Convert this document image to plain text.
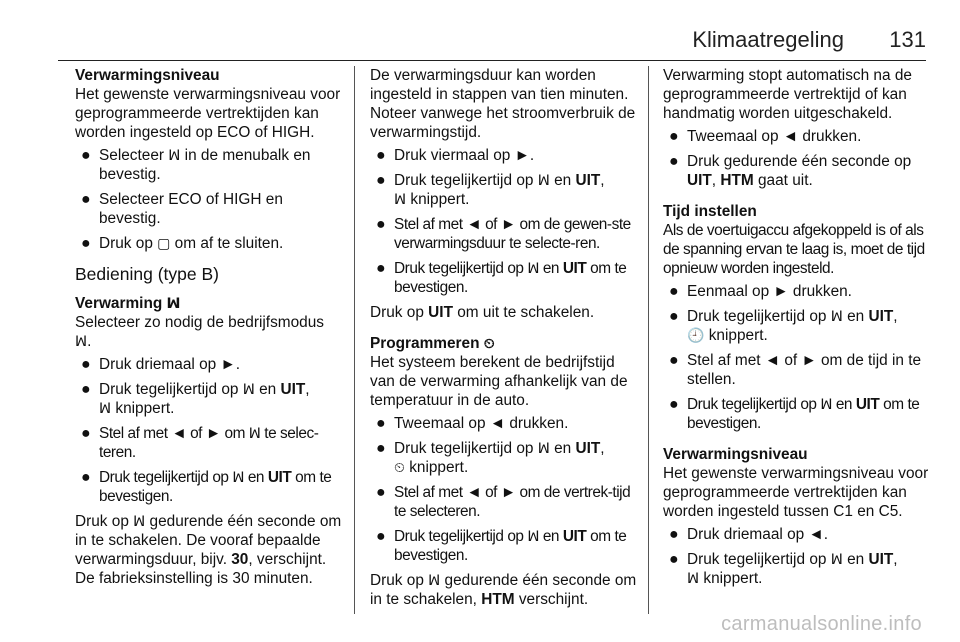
Klimaatregeling 131
Verwarmingsniveau

Het gewenste verwarmingsniveau voor geprogrammeerde vertrektijden kan worden ingesteld op ECO of HIGH.

● Selecteer ꟽ in de menubalk en bevestig.
● Selecteer ECO of HIGH en bevestig.
● Druk op ▢ om af te sluiten.
Bediening (type B)
Verwarming ꟽ

Selecteer zo nodig de bedrijfsmodus ꟽ.

● Druk driemaal op ►.
● Druk tegelijkertijd op ꟽ en UIT,
ꟽ knippert.
● Stel af met ◄ of ► om ꟽ te selec-teren.
● Druk tegelijkertijd op ꟽ en UIT om te bevestigen.

Druk op ꟽ gedurende één seconde om in te schakelen. De vooraf bepaalde verwarmingsduur, bijv. 30, verschijnt. De fabrieksinstelling is 30 minuten.

De verwarmingsduur kan worden ingesteld in stappen van tien minuten. Noteer vanwege het stroomverbruik de verwarmingstijd.

● Druk viermaal op ►.
● Druk tegelijkertijd op ꟽ en UIT,
ꟽ knippert.
● Stel af met ◄ of ► om de gewen-ste verwarmingsduur te selecte-ren.
● Druk tegelijkertijd op ꟽ en UIT om te bevestigen.

Druk op UIT om uit te schakelen.

Programmeren ⏲

Het systeem berekent de bedrijfstijd van de verwarming afhankelijk van de temperatuur in de auto.

● Tweemaal op ◄ drukken.
● Druk tegelijkertijd op ꟽ en UIT,
⏲ knippert.
● Stel af met ◄ of ► om de vertrek-tijd te selecteren.
● Druk tegelijkertijd op ꟽ en UIT om te bevestigen.

Druk op ꟽ gedurende één seconde om in te schakelen, HTM verschijnt.

Verwarming stopt automatisch na de geprogrammeerde vertrektijd of kan handmatig worden uitgeschakeld.

● Tweemaal op ◄ drukken.
● Druk gedurende één seconde op UIT, HTM gaat uit.
Tijd instellen

Als de voertuigaccu afgekoppeld is of als de spanning ervan te laag is, moet de tijd opnieuw worden ingesteld.

● Eenmaal op ► drukken.
● Druk tegelijkertijd op ꟽ en UIT,
🕘 knippert.
● Stel af met ◄ of ► om de tijd in te stellen.
● Druk tegelijkertijd op ꟽ en UIT om te bevestigen.
Verwarmingsniveau

Het gewenste verwarmingsniveau voor geprogrammeerde vertrektijden kan worden ingesteld tussen C1 en C5.

● Druk driemaal op ◄.
● Druk tegelijkertijd op ꟽ en UIT,
ꟽ knippert.
carmanualsonline.info
